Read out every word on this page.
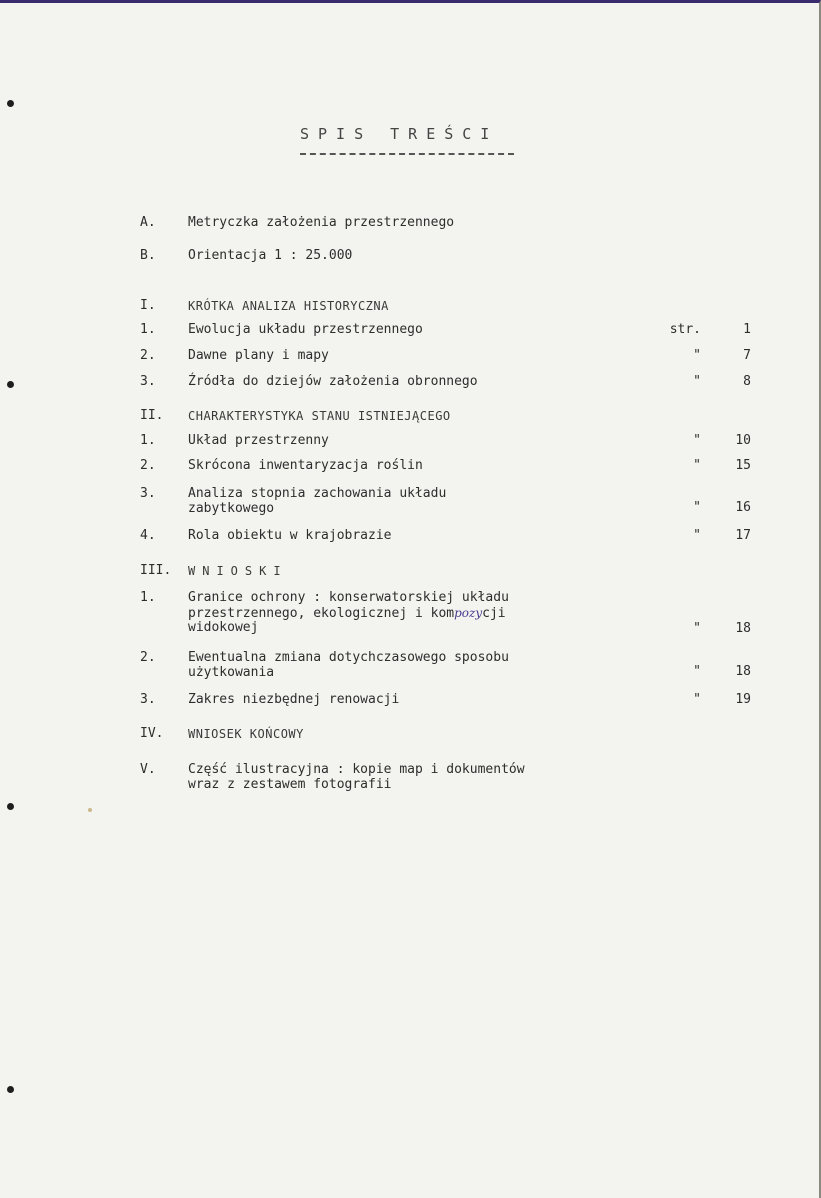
SPIS TREŚCI
A.	Metryczka założenia przestrzennego
B.	Orientacja 1 : 25.000
I.	KRÓTKA ANALIZA HISTORYCZNA
1.	Ewolucja układu przestrzennego	str.	1
2.	Dawne plany i mapy	"	7
3.	Źródła do dziejów założenia obronnego	"	8
II.	CHARAKTERYSTYKA STANU ISTNIEJĄCEGO
1.	Układ przestrzenny	"	10
2.	Skrócona inwentaryzacja roślin	"	15
3.	Analiza stopnia zachowania układu
zabytkowego	"	16
4.	Rola obiektu w krajobrazie	"	17
III.	WNIOSKI
1.	Granice ochrony : konserwatorskiej układu
przestrzennego, ekologicznej i kompozycji
widokowej	"	18
2.	Ewentualna zmiana dotychczasowego sposobu
użytkowania	"	18
3.	Zakres niezbędnej renowacji	"	19
IV.	WNIOSEK KOŃCOWY
V.	Część ilustracyjna : kopie map i dokumentów
wraz z zestawem fotografii
